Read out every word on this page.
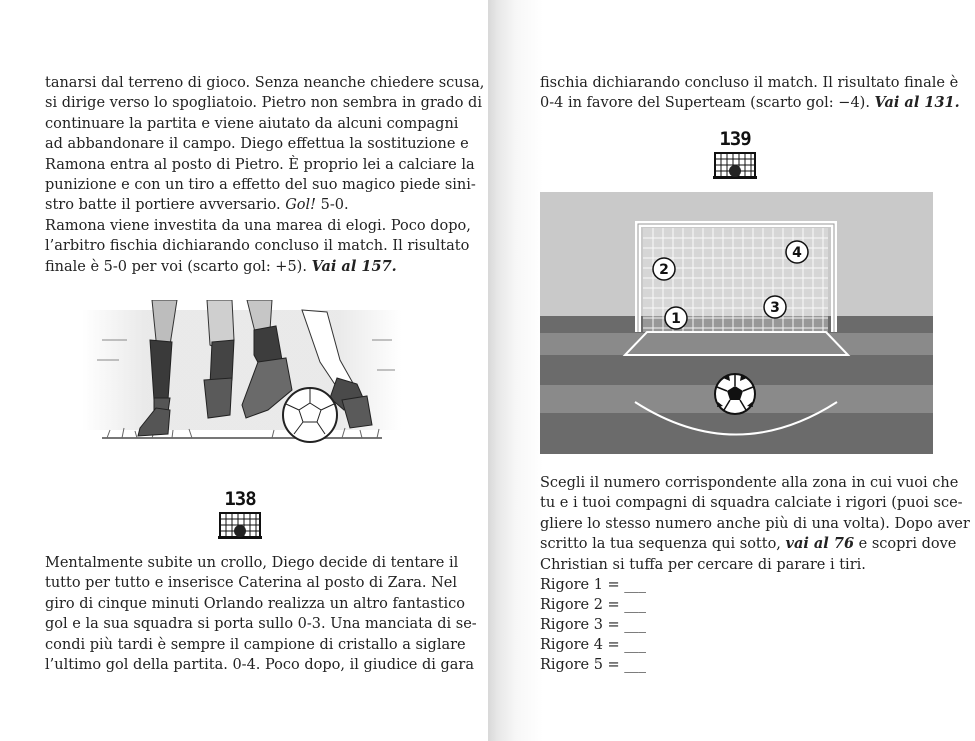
tanarsi dal terreno di gioco. Senza neanche chiedere scusa,
si dirige verso lo spogliatoio. Pietro non sembra in grado di
continuare la partita e viene aiutato da alcuni compagni
ad abbandonare il campo. Diego effettua la sostituzione e
Ramona entra al posto di Pietro. È proprio lei a calciare la
punizione e con un tiro a effetto del suo magico piede sini-
stro batte il portiere avversario. Gol! 5-0.
Ramona viene investita da una marea di elogi. Poco dopo,
l’arbitro fischia dichiarando concluso il match. Il risultato
finale è 5-0 per voi (scarto gol: +5). Vai al 157.
138
Mentalmente subite un crollo, Diego decide di tentare il
tutto per tutto e inserisce Caterina al posto di Zara. Nel
giro di cinque minuti Orlando realizza un altro fantastico
gol e la sua squadra si porta sullo 0-3. Una manciata di se-
condi più tardi è sempre il campione di cristallo a siglare
l’ultimo gol della partita. 0-4. Poco dopo, il giudice di gara
fischia dichiarando concluso il match. Il risultato finale è
0-4 in favore del Superteam (scarto gol: −4). Vai al 131.
139
1
2
3
4
Scegli il numero corrispondente alla zona in cui vuoi che
tu e i tuoi compagni di squadra calciate i rigori (puoi sce-
gliere lo stesso numero anche più di una volta). Dopo aver
scritto la tua sequenza qui sotto, vai al 76 e scopri dove
Christian si tuffa per cercare di parare i tiri.
Rigore 1 = ___
Rigore 2 = ___
Rigore 3 = ___
Rigore 4 = ___
Rigore 5 = ___
